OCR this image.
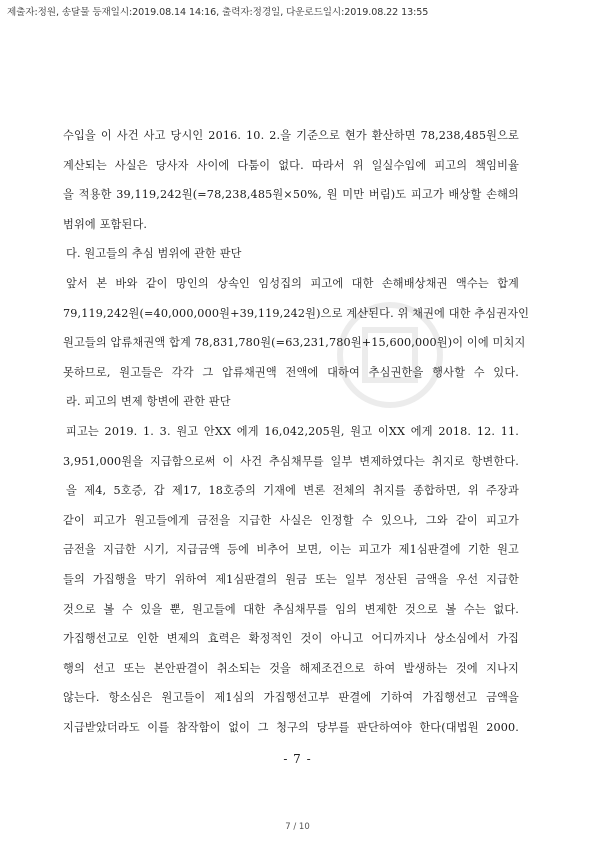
제출자:정원, 송달물 등재일시:2019.08.14 14:16, 출력자:정경일, 다운로드일시:2019.08.22 13:55
수입을 이 사건 사고 당시인 2016. 10. 2.을 기준으로 현가 환산하면 78,238,485원으로
계산되는 사실은 당사자 사이에 다툼이 없다. 따라서 위 일실수입에 피고의 책임비율
을 적용한 39,119,242원(=78,238,485원×50%, 원 미만 버림)도 피고가 배상할 손해의
범위에 포함된다.
다. 원고들의 추심 범위에 관한 판단
앞서 본 바와 같이 망인의 상속인 임성집의 피고에 대한 손해배상채권 액수는 합계
79,119,242원(=40,000,000원+39,119,242원)으로 계산된다. 위 채권에 대한 추심권자인
원고들의 압류채권액 합계 78,831,780원(=63,231,780원+15,600,000원)이 이에 미치지
못하므로, 원고들은 각각 그 압류채권액 전액에 대하여 추심권한을 행사할 수 있다.
라. 피고의 변제 항변에 관한 판단
피고는 2019. 1. 3. 원고 안XX 에게 16,042,205원, 원고 이XX 에게 2018. 12. 11.
3,951,000원을 지급함으로써 이 사건 추심채무를 일부 변제하였다는 취지로 항변한다.
을 제4, 5호증, 갑 제17, 18호증의 기재에 변론 전체의 취지를 종합하면, 위 주장과
같이 피고가 원고들에게 금전을 지급한 사실은 인정할 수 있으나, 그와 같이 피고가
금전을 지급한 시기, 지급금액 등에 비추어 보면, 이는 피고가 제1심판결에 기한 원고
들의 가집행을 막기 위하여 제1심판결의 원금 또는 일부 정산된 금액을 우선 지급한
것으로 볼 수 있을 뿐, 원고들에 대한 추심채무를 임의 변제한 것으로 볼 수는 없다.
가집행선고로 인한 변제의 효력은 확정적인 것이 아니고 어디까지나 상소심에서 가집
행의 선고 또는 본안판결이 취소되는 것을 해제조건으로 하여 발생하는 것에 지나지
않는다. 항소심은 원고들이 제1심의 가집행선고부 판결에 기하여 가집행선고 금액을
지급받았더라도 이를 참작함이 없이 그 청구의 당부를 판단하여야 한다(대법원 2000.
- 7 -
7 / 10
